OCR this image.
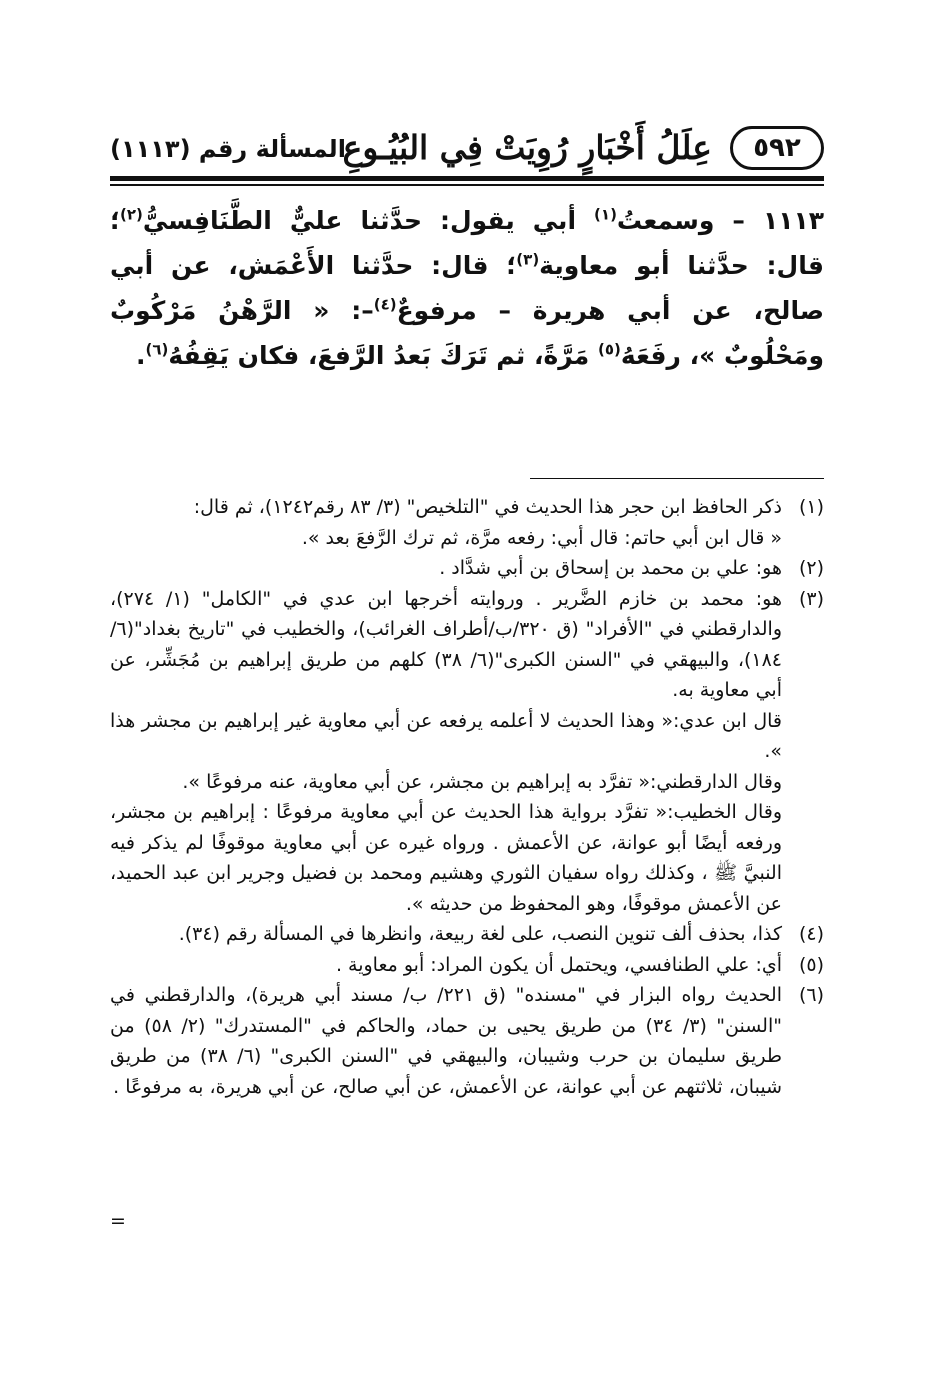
٥٩٢
عِلَلُ أَخْبَارٍ رُوِيَتْ فِي البُيُـوعِ
المسألة رقم (١١١٣)
١١١٣ – وسمعتُ$^{(١)}$ أبي يقول: حدَّثنا عليٌّ الطَّنَافِسيُّ$^{(٢)}$؛ قال: حدَّثنا أبو معاوية$^{(٣)}$؛ قال: حدَّثنا الأَعْمَش، عن أبي صالح، عن أبي هريرة – مرفوعٌ$^{(٤)}$–: « الرَّهْنُ مَرْكُوبٌ ومَحْلُوبٌ »، رفَعَهُ$^{(٥)}$ مَرَّةً، ثم تَرَكَ بَعدُ الرَّفعَ، فكان يَقِفُهُ$^{(٦)}$.
(١)
ذكر الحافظ ابن حجر هذا الحديث في "التلخيص" (٣/ ٨٣ رقم١٢٤٢)، ثم قال:
« قال ابن أبي حاتم: قال أبي: رفعه مرَّة، ثم ترك الرَّفعَ بعد ».
(٢)
هو: علي بن محمد بن إسحاق بن أبي شدَّاد .
(٣)
هو: محمد بن خازم الضَّرير . وروايته أخرجها ابن عدي في "الكامل" (١/ ٢٧٤)، والدارقطني في "الأفراد" (ق ٣٢٠/ب/أطراف الغرائب)، والخطيب في "تاريخ بغداد"(٦/ ١٨٤)، والبيهقي في "السنن الكبرى"(٦/ ٣٨) كلهم من طريق إبراهيم بن مُجَشِّر، عن أبي معاوية به.
قال ابن عدي:« وهذا الحديث لا أعلمه يرفعه عن أبي معاوية غير إبراهيم بن مجشر هذا ».
وقال الدارقطني:« تفرَّد به إبراهيم بن مجشر، عن أبي معاوية، عنه مرفوعًا ».
وقال الخطيب:« تفرَّد برواية هذا الحديث عن أبي معاوية مرفوعًا : إبراهيم بن مجشر، ورفعه أيضًا أبو عوانة، عن الأعمش . ورواه غيره عن أبي معاوية موقوفًا لم يذكر فيه النبيَّ ﷺ ، وكذلك رواه سفيان الثوري وهشيم ومحمد بن فضيل وجرير ابن عبد الحميد، عن الأعمش موقوفًا، وهو المحفوظ من حديثه ».
(٤)
كذا، بحذف ألف تنوين النصب، على لغة ربيعة، وانظرها في المسألة رقم (٣٤).
(٥)
أي: علي الطنافسي، ويحتمل أن يكون المراد: أبو معاوية .
(٦)
الحديث رواه البزار في "مسنده" (ق ٢٢١/ ب/ مسند أبي هريرة)، والدارقطني في "السنن" (٣/ ٣٤) من طريق يحيى بن حماد، والحاكم في "المستدرك" (٢/ ٥٨) من طريق سليمان بن حرب وشيبان، والبيهقي في "السنن الكبرى" (٦/ ٣٨) من طريق شيبان، ثلاثتهم عن أبي عوانة، عن الأعمش، عن أبي صالح، عن أبي هريرة، به مرفوعًا .
=
